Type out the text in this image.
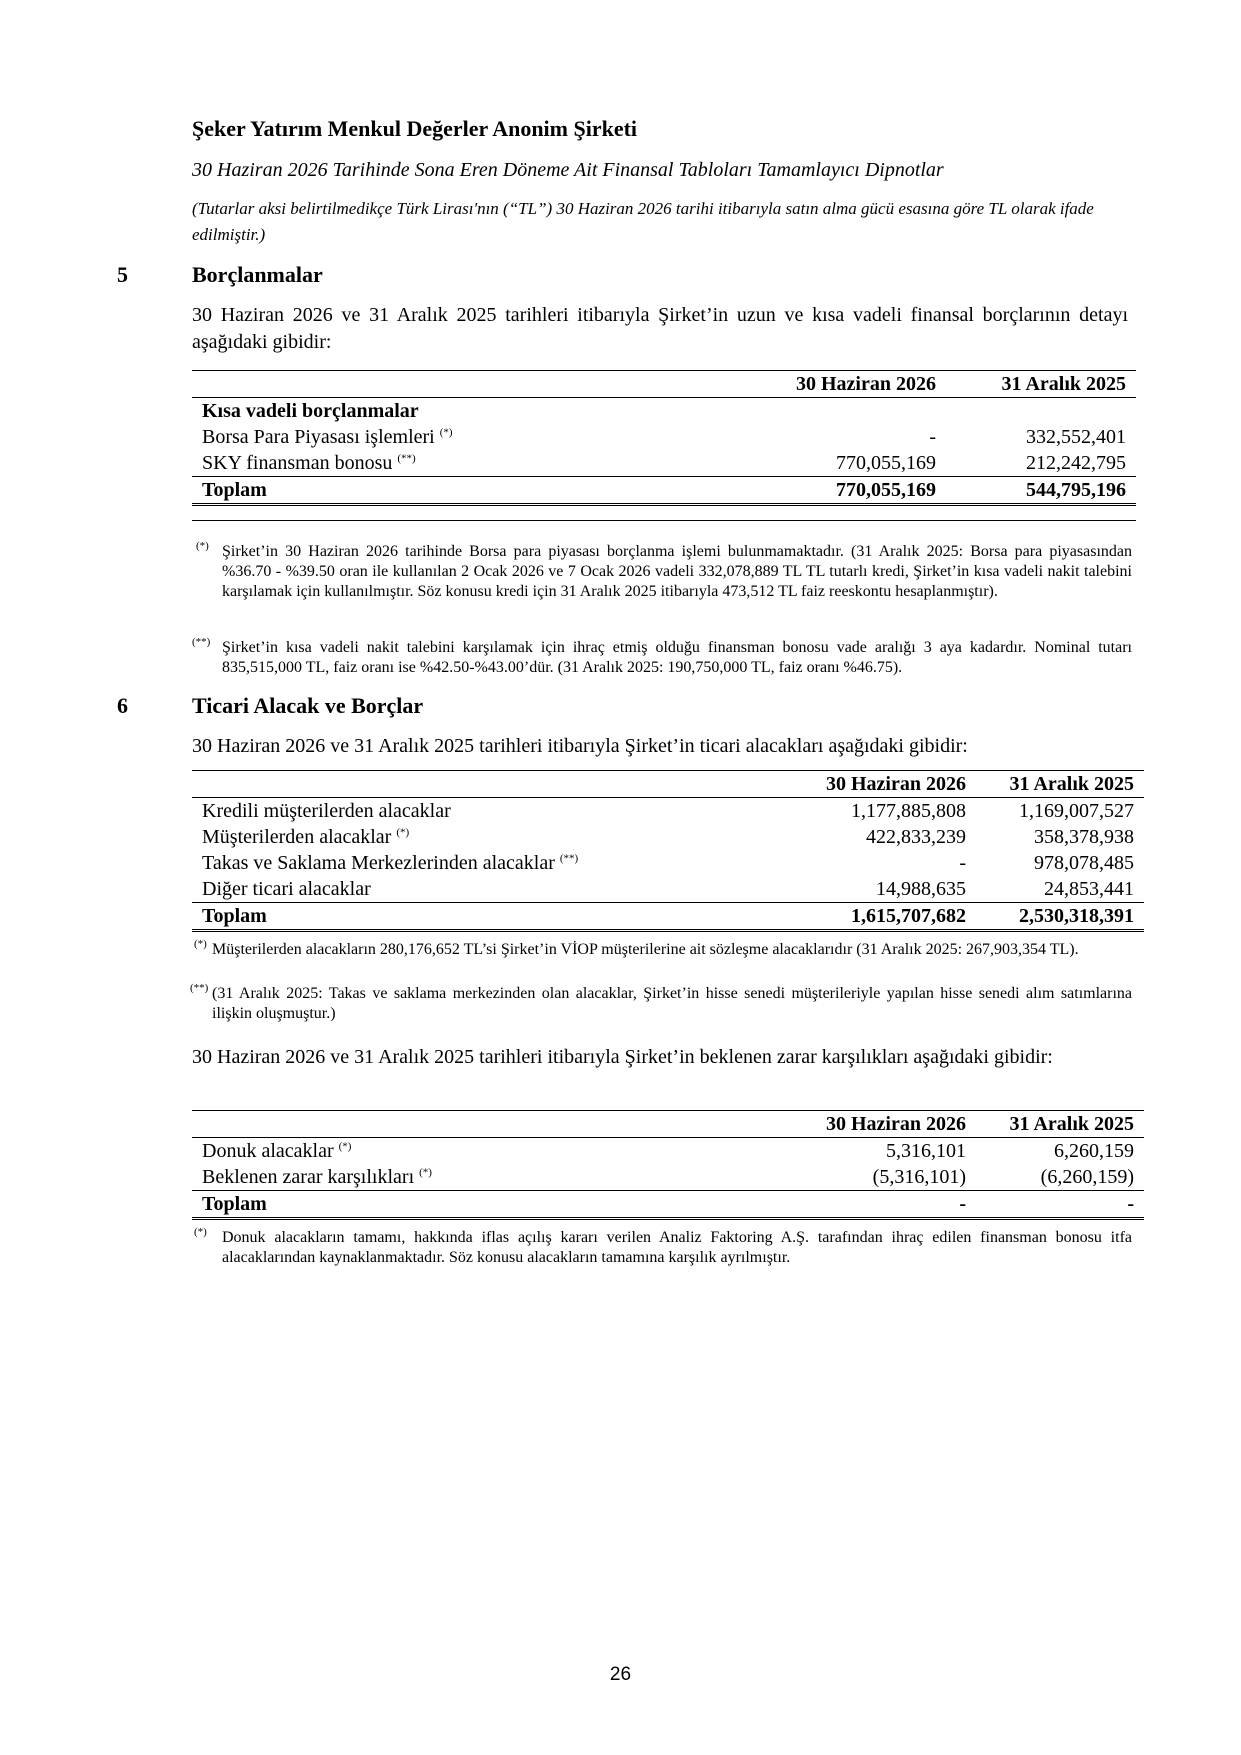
Şeker Yatırım Menkul Değerler Anonim Şirketi
30 Haziran 2026 Tarihinde Sona Eren Döneme Ait Finansal Tabloları Tamamlayıcı Dipnotlar
(Tutarlar aksi belirtilmedikçe Türk Lirası'nın (“TL”) 30 Haziran 2026 tarihi itibarıyla satın alma gücü esasına göre TL olarak ifade edilmiştir.)
5	Borçlanmalar
30 Haziran 2026 ve 31 Aralık 2025 tarihleri itibarıyla Şirket’in uzun ve kısa vadeli finansal borçlarının detayı aşağıdaki gibidir:
	30 Haziran 2026	31 Aralık 2025
Kısa vadeli borçlanmalar		
Borsa Para Piyasası işlemleri (*)	-	332,552,401
SKY finansman bonosu (**)	770,055,169	212,242,795
Toplam	770,055,169	544,795,196
(*) Şirket’in 30 Haziran 2026 tarihinde Borsa para piyasası borçlanma işlemi bulunmamaktadır. (31 Aralık 2025: Borsa para piyasasından %36.70 - %39.50 oran ile kullanılan 2 Ocak 2026 ve 7 Ocak 2026 vadeli 332,078,889 TL TL tutarlı kredi, Şirket’in kısa vadeli nakit talebini karşılamak için kullanılmıştır. Söz konusu kredi için 31 Aralık 2025 itibarıyla 473,512 TL faiz reeskontu hesaplanmıştır).
(**) Şirket’in kısa vadeli nakit talebini karşılamak için ihraç etmiş olduğu finansman bonosu vade aralığı 3 aya kadardır. Nominal tutarı 835,515,000 TL, faiz oranı ise %42.50-%43.00’dür. (31 Aralık 2025: 190,750,000 TL, faiz oranı %46.75).
6	Ticari Alacak ve Borçlar
30 Haziran 2026 ve 31 Aralık 2025 tarihleri itibarıyla Şirket’in ticari alacakları aşağıdaki gibidir:
	30 Haziran 2026	31 Aralık 2025
Kredili müşterilerden alacaklar	1,177,885,808	1,169,007,527
Müşterilerden alacaklar (*)	422,833,239	358,378,938
Takas ve Saklama Merkezlerinden alacaklar (**)	-	978,078,485
Diğer ticari alacaklar	14,988,635	24,853,441
Toplam	1,615,707,682	2,530,318,391
(*) Müşterilerden alacakların 280,176,652 TL’si Şirket’in VİOP müşterilerine ait sözleşme alacaklarıdır (31 Aralık 2025: 267,903,354 TL).
(**) (31 Aralık 2025: Takas ve saklama merkezinden olan alacaklar, Şirket’in hisse senedi müşterileriyle yapılan hisse senedi alım satımlarına ilişkin oluşmuştur.)
30 Haziran 2026 ve 31 Aralık 2025 tarihleri itibarıyla Şirket’in beklenen zarar karşılıkları aşağıdaki gibidir:
	30 Haziran 2026	31 Aralık 2025
Donuk alacaklar (*)	5,316,101	6,260,159
Beklenen zarar karşılıkları (*)	(5,316,101)	(6,260,159)
Toplam	-	-
(*) Donuk alacakların tamamı, hakkında iflas açılış kararı verilen Analiz Faktoring A.Ş. tarafından ihraç edilen finansman bonosu itfa alacaklarından kaynaklanmaktadır. Söz konusu alacakların tamamına karşılık ayrılmıştır.
26
